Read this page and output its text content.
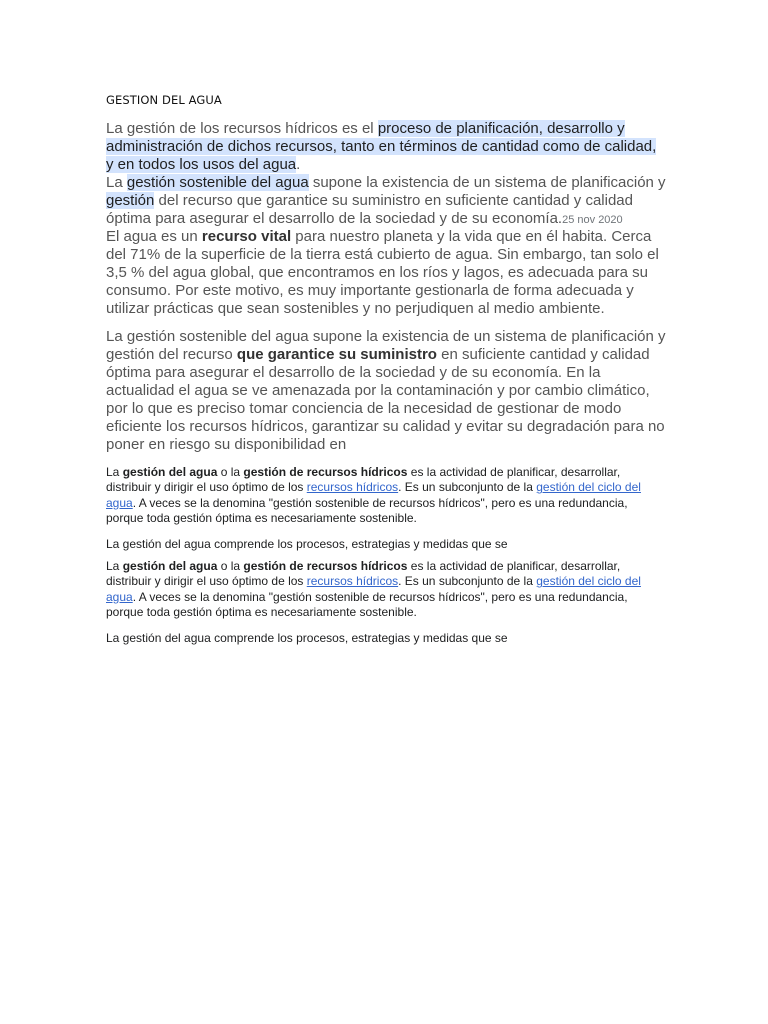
GESTION DEL AGUA
La gestión de los recursos hídricos es el proceso de planificación, desarrollo y administración de dichos recursos, tanto en términos de cantidad como de calidad, y en todos los usos del agua.
La gestión sostenible del agua supone la existencia de un sistema de planificación y gestión del recurso que garantice su suministro en suficiente cantidad y calidad óptima para asegurar el desarrollo de la sociedad y de su economía.25 nov 2020
El agua es un recurso vital para nuestro planeta y la vida que en él habita. Cerca del 71% de la superficie de la tierra está cubierto de agua. Sin embargo, tan solo el 3,5 % del agua global, que encontramos en los ríos y lagos, es adecuada para su consumo. Por este motivo, es muy importante gestionarla de forma adecuada y utilizar prácticas que sean sostenibles y no perjudiquen al medio ambiente.
La gestión sostenible del agua supone la existencia de un sistema de planificación y gestión del recurso que garantice su suministro en suficiente cantidad y calidad óptima para asegurar el desarrollo de la sociedad y de su economía. En la actualidad el agua se ve amenazada por la contaminación y por cambio climático, por lo que es preciso tomar conciencia de la necesidad de gestionar de modo eficiente los recursos hídricos, garantizar su calidad y evitar su degradación para no poner en riesgo su disponibilidad en
La gestión del agua o la gestión de recursos hídricos es la actividad de planificar, desarrollar, distribuir y dirigir el uso óptimo de los recursos hídricos. Es un subconjunto de la gestión del ciclo del agua. A veces se la denomina "gestión sostenible de recursos hídricos", pero es una redundancia, porque toda gestión óptima es necesariamente sostenible.
La gestión del agua comprende los procesos, estrategias y medidas que se
La gestión del agua o la gestión de recursos hídricos es la actividad de planificar, desarrollar, distribuir y dirigir el uso óptimo de los recursos hídricos. Es un subconjunto de la gestión del ciclo del agua. A veces se la denomina "gestión sostenible de recursos hídricos", pero es una redundancia, porque toda gestión óptima es necesariamente sostenible.
La gestión del agua comprende los procesos, estrategias y medidas que se
